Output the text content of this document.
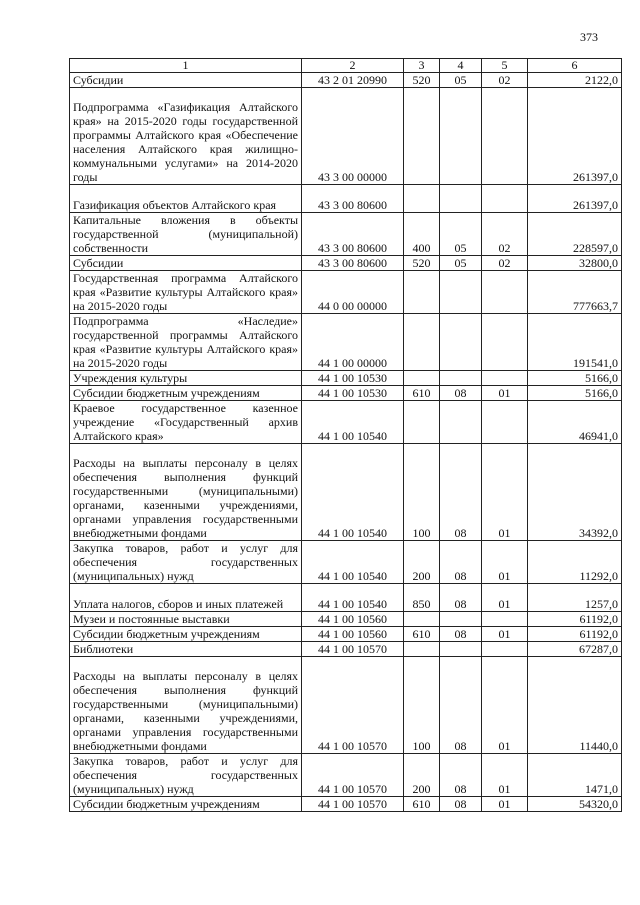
373
1	2	3	4	5	6
Субсидии	43 2 01 20990	520	05	02	2122,0
Подпрограмма «Газификация Алтайского края» на 2015-2020 годы государственной программы Алтайского края «Обеспечение населения Алтайского края жилищно-коммунальными услугами» на 2014-2020 годы	43 3 00 00000				261397,0
Газификация объектов Алтайского края	43 3 00 80600				261397,0
Капитальные вложения в объекты государственной (муниципальной) собственности	43 3 00 80600	400	05	02	228597,0
Субсидии	43 3 00 80600	520	05	02	32800,0
Государственная программа Алтайского края «Развитие культуры Алтайского края» на 2015-2020 годы	44 0 00 00000				777663,7
Подпрограмма «Наследие» государственной программы Алтайского края «Развитие культуры Алтайского края» на 2015-2020 годы	44 1 00 00000				191541,0
Учреждения культуры	44 1 00 10530				5166,0
Субсидии бюджетным учреждениям	44 1 00 10530	610	08	01	5166,0
Краевое государственное казенное учреждение «Государственный архив Алтайского края»	44 1 00 10540				46941,0
Расходы на выплаты персоналу в целях обеспечения выполнения функций государственными (муниципальными) органами, казенными учреждениями, органами управления государственными внебюджетными фондами	44 1 00 10540	100	08	01	34392,0
Закупка товаров, работ и услуг для обеспечения государственных (муниципальных) нужд	44 1 00 10540	200	08	01	11292,0
Уплата налогов, сборов и иных платежей	44 1 00 10540	850	08	01	1257,0
Музеи и постоянные выставки	44 1 00 10560				61192,0
Субсидии бюджетным учреждениям	44 1 00 10560	610	08	01	61192,0
Библиотеки	44 1 00 10570				67287,0
Расходы на выплаты персоналу в целях обеспечения выполнения функций государственными (муниципальными) органами, казенными учреждениями, органами управления государственными внебюджетными фондами	44 1 00 10570	100	08	01	11440,0
Закупка товаров, работ и услуг для обеспечения государственных (муниципальных) нужд	44 1 00 10570	200	08	01	1471,0
Субсидии бюджетным учреждениям	44 1 00 10570	610	08	01	54320,0
